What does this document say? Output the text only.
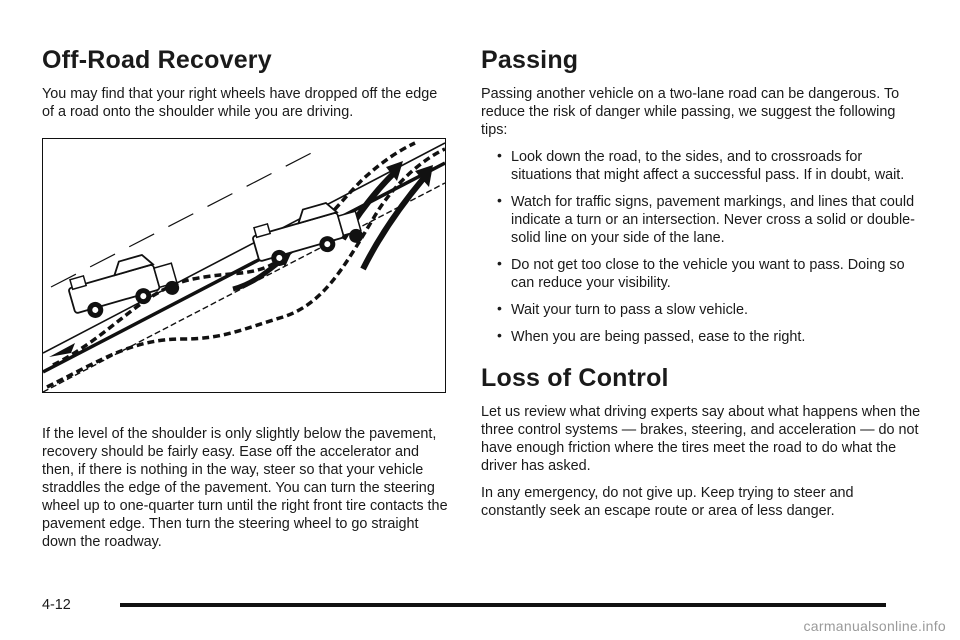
Off-Road Recovery

You may find that your right wheels have dropped off the edge of a road onto the shoulder while you are driving.

If the level of the shoulder is only slightly below the pavement, recovery should be fairly easy. Ease off the accelerator and then, if there is nothing in the way, steer so that your vehicle straddles the edge of the pavement. You can turn the steering wheel up to one-quarter turn until the right front tire contacts the pavement edge. Then turn the steering wheel to go straight down the roadway.

Passing

Passing another vehicle on a two-lane road can be dangerous. To reduce the risk of danger while passing, we suggest the following tips:

• Look down the road, to the sides, and to crossroads for situations that might affect a successful pass. If in doubt, wait.
• Watch for traffic signs, pavement markings, and lines that could indicate a turn or an intersection. Never cross a solid or double-solid line on your side of the lane.
• Do not get too close to the vehicle you want to pass. Doing so can reduce your visibility.
• Wait your turn to pass a slow vehicle.
• When you are being passed, ease to the right.
Loss of Control

Let us review what driving experts say about what happens when the three control systems — brakes, steering, and acceleration — do not have enough friction where the tires meet the road to do what the driver has asked.

In any emergency, do not give up. Keep trying to steer and constantly seek an escape route or area of less danger.

4-12
carmanualsonline.info
